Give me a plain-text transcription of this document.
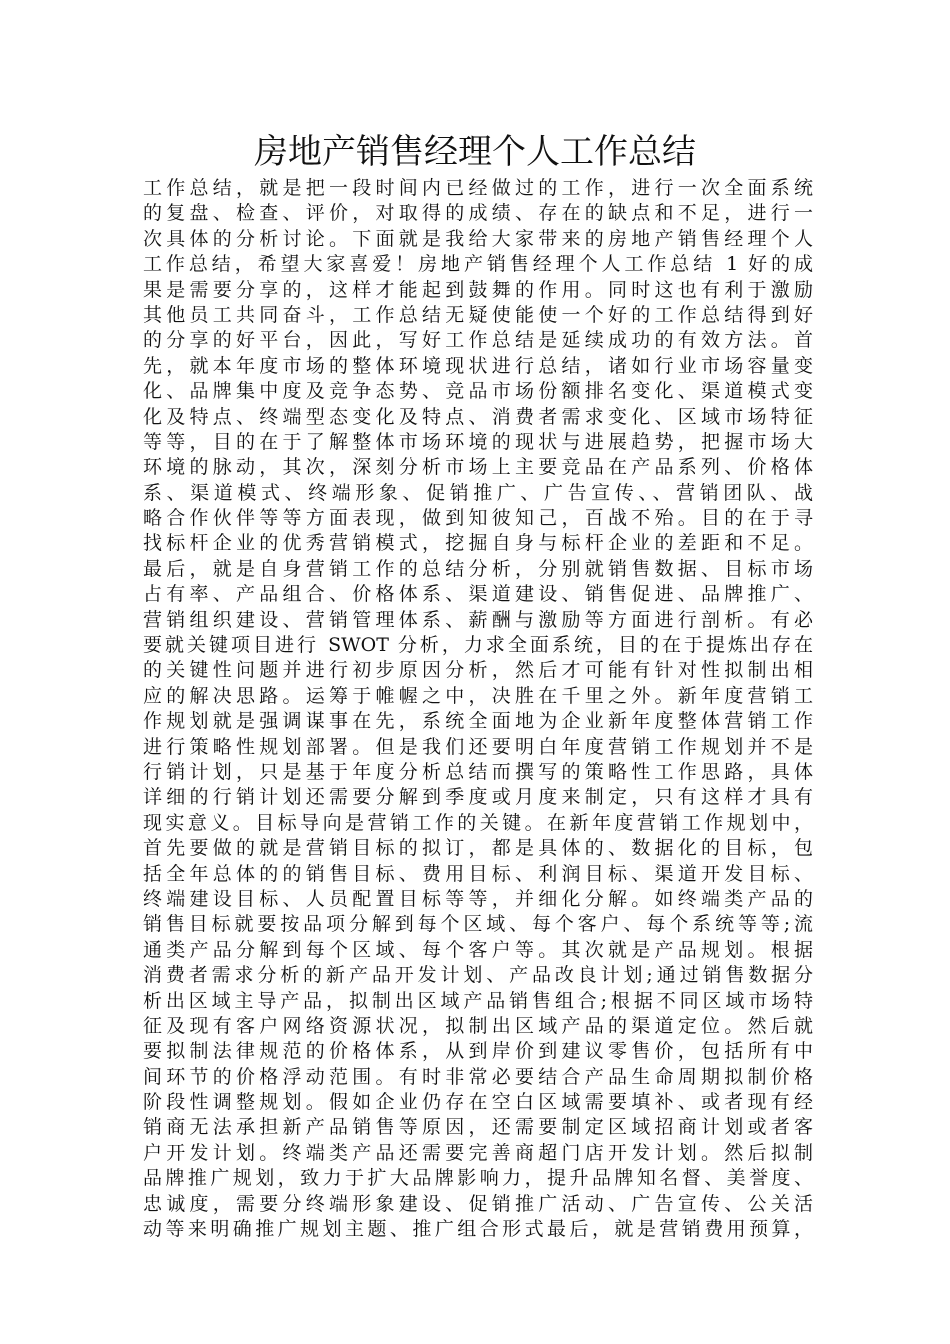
房地产销售经理个人工作总结
工作总结，就是把一段时间内已经做过的工作，进行一次全面系统
的复盘、检查、评价，对取得的成绩、存在的缺点和不足，进行一
次具体的分析讨论。下面就是我给大家带来的房地产销售经理个人
工作总结，希望大家喜爱！房地产销售经理个人工作总结 1 好的成
果是需要分享的，这样才能起到鼓舞的作用。同时这也有利于激励
其他员工共同奋斗，工作总结无疑使能使一个好的工作总结得到好
的分享的好平台，因此，写好工作总结是延续成功的有效方法。首
先，就本年度市场的整体环境现状进行总结，诸如行业市场容量变
化、品牌集中度及竞争态势、竞品市场份额排名变化、渠道模式变
化及特点、终端型态变化及特点、消费者需求变化、区域市场特征
等等，目的在于了解整体市场环境的现状与进展趋势，把握市场大
环境的脉动，其次，深刻分析市场上主要竞品在产品系列、价格体
系、渠道模式、终端形象、促销推广、广告宣传、、营销团队、战
略合作伙伴等等方面表现，做到知彼知己，百战不殆。目的在于寻
找标杆企业的优秀营销模式，挖掘自身与标杆企业的差距和不足。
最后，就是自身营销工作的总结分析，分别就销售数据、目标市场
占有率、产品组合、价格体系、渠道建设、销售促进、品牌推广、
营销组织建设、营销管理体系、薪酬与激励等方面进行剖析。有必
要就关键项目进行 SWOT 分析，力求全面系统，目的在于提炼出存在
的关键性问题并进行初步原因分析，然后才可能有针对性拟制出相
应的解决思路。运筹于帷幄之中，决胜在千里之外。新年度营销工
作规划就是强调谋事在先，系统全面地为企业新年度整体营销工作
进行策略性规划部署。但是我们还要明白年度营销工作规划并不是
行销计划，只是基于年度分析总结而撰写的策略性工作思路，具体
详细的行销计划还需要分解到季度或月度来制定，只有这样才具有
现实意义。目标导向是营销工作的关键。在新年度营销工作规划中，
首先要做的就是营销目标的拟订，都是具体的、数据化的目标，包
括全年总体的的销售目标、费用目标、利润目标、渠道开发目标、
终端建设目标、人员配置目标等等，并细化分解。如终端类产品的
销售目标就要按品项分解到每个区域、每个客户、每个系统等等;流
通类产品分解到每个区域、每个客户等。其次就是产品规划。根据
消费者需求分析的新产品开发计划、产品改良计划;通过销售数据分
析出区域主导产品，拟制出区域产品销售组合;根据不同区域市场特
征及现有客户网络资源状况，拟制出区域产品的渠道定位。然后就
要拟制法律规范的价格体系，从到岸价到建议零售价，包括所有中
间环节的价格浮动范围。有时非常必要结合产品生命周期拟制价格
阶段性调整规划。假如企业仍存在空白区域需要填补、或者现有经
销商无法承担新产品销售等原因，还需要制定区域招商计划或者客
户开发计划。终端类产品还需要完善商超门店开发计划。然后拟制
品牌推广规划，致力于扩大品牌影响力，提升品牌知名督、美誉度、
忠诚度，需要分终端形象建设、促销推广活动、广告宣传、公关活
动等来明确推广规划主题、推广组合形式最后，就是营销费用预算，
